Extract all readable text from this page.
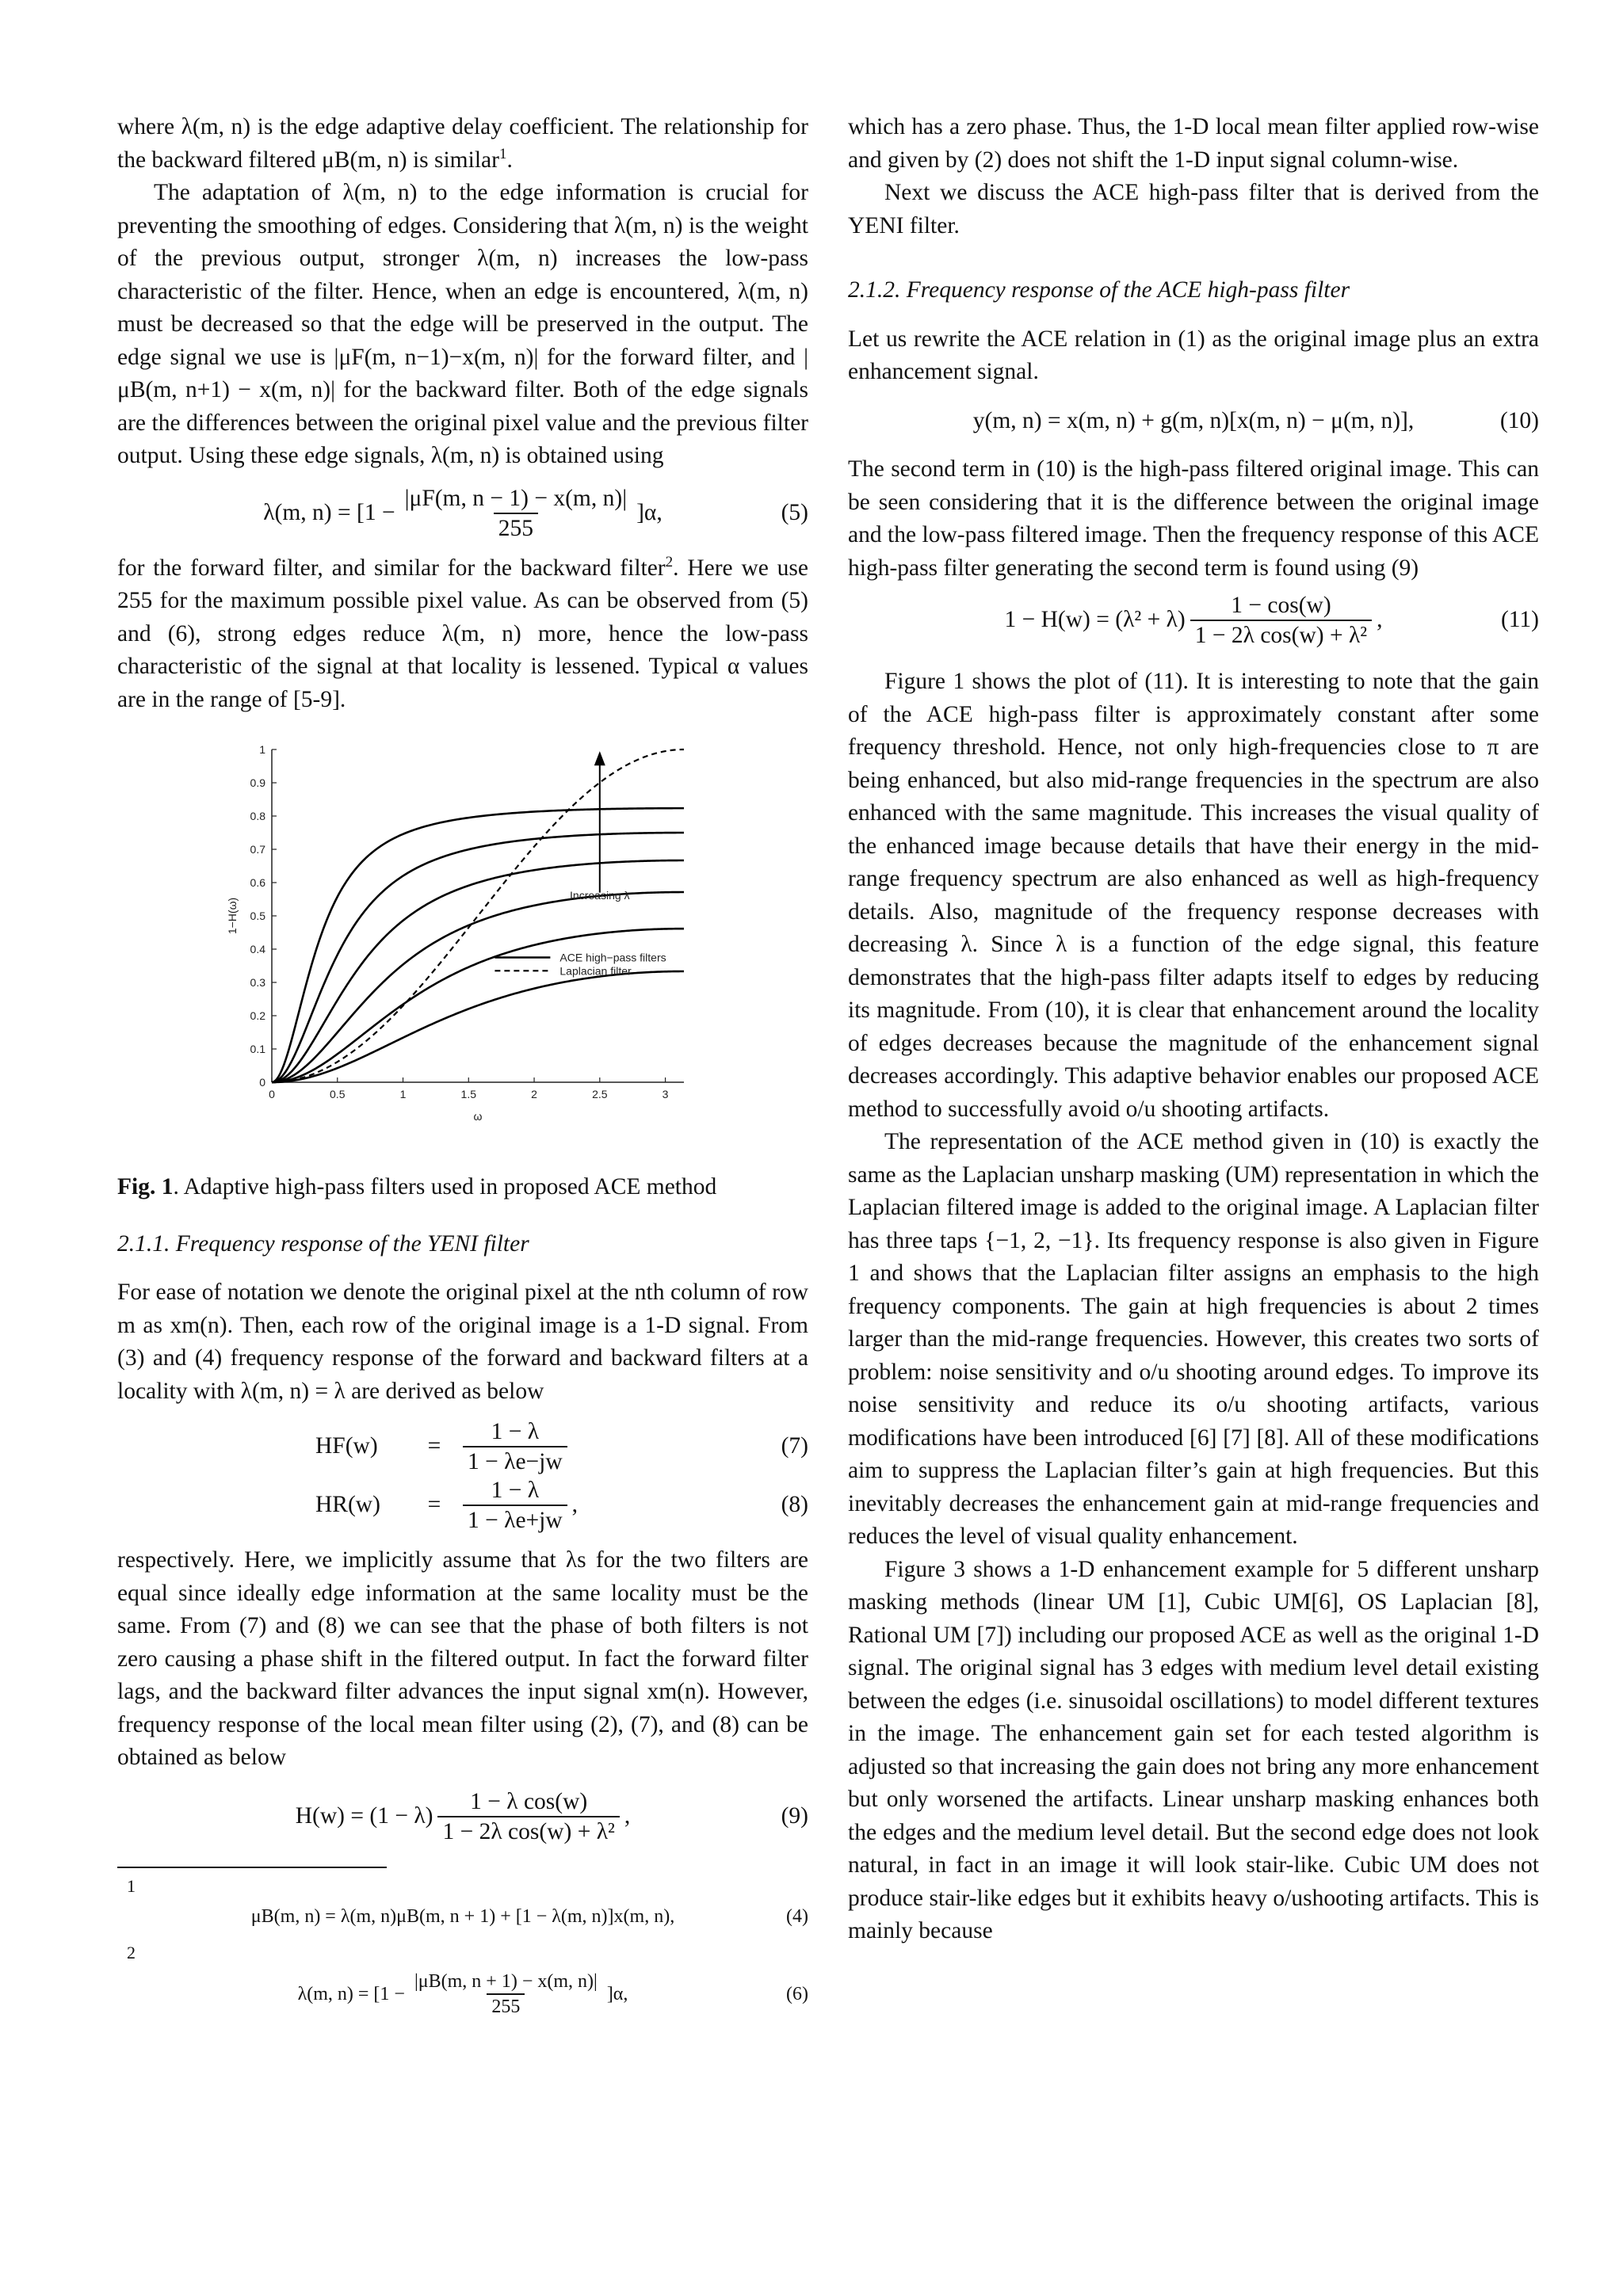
where λ(m, n) is the edge adaptive delay coefficient. The relationship for the backward filtered μB(m, n) is similar$^1$.

The adaptation of λ(m, n) to the edge information is crucial for preventing the smoothing of edges. Considering that λ(m, n) is the weight of the previous output, stronger λ(m, n) increases the low-pass characteristic of the filter. Hence, when an edge is encountered, λ(m, n) must be decreased so that the edge will be preserved in the output. The edge signal we use is |μF(m, n−1)−x(m, n)| for the forward filter, and |μB(m, n+1) − x(m, n)| for the backward filter. Both of the edge signals are the differences between the original pixel value and the previous filter output. Using these edge signals, λ(m, n) is obtained using

λ(m, $n) = [1 - \frac{|\mu F(m, n - 1) - x(m, n)|}{255} ]\alpha$,	(5)

for the forward filter, and similar for the backward filter$^2$. Here we use 255 for the maximum possible pixel value. As can be observed from (5) and (6), strong edges reduce λ(m, n) more, hence the low-pass characteristic of the signal at that locality is lessened. Typical α values are in the range of [5-9].

0	0.5	1	1.5	2	2.5	3
0
0.1
0.2
0.3
0.4
0.5
0.6
0.7
0.8
0.9
1
ω
1−H(ω)
Increasing λ
ACE high−pass filters
Laplacian filter

Fig. 1. Adaptive high-pass filters used in proposed ACE method

2.1.1. Frequency response of the YENI filter

For ease of notation we denote the original pixel at the nth column of row m as xm(n). Then, each row of the original image is a 1-D signal. From (3) and (4) frequency response of the forward and backward filters at a locality with λ(m, n) = λ are derived as below

HF(w)	= $\frac{1 - \lambda}{1 - \lambda e-jw}$	(7)
HR(w)	= $\frac{1 - \lambda}{1 - \lambda e+jw}$ ,	(8)

respectively. Here, we implicitly assume that λs for the two filters are equal since ideally edge information at the same locality must be the same. From (7) and (8) we can see that the phase of both filters is not zero causing a phase shift in the filtered output. In fact the forward filter lags, and the backward filter advances the input signal xm(n). However, frequency response of the local mean filter using (2), (7), and (8) can be obtained as below

$H(w) = (1 - \lambda) \frac{\text{1 − λ cos(w)}}{\text{1 − 2λ cos(w) + λ²}}$ ,	(9)
1
μB(m, n) = λ(m, n)μB(m, n + 1) + [1 − λ(m, n)]x(m, n),	(4)
2
λ(m, $n) = [1 - \frac{|\mu B(m, n + 1) - x(m, n)|}{255} ]\alpha$,	(6)

which has a zero phase. Thus, the 1-D local mean filter applied row-wise and given by (2) does not shift the 1-D input signal column-wise.

Next we discuss the ACE high-pass filter that is derived from the YENI filter.

2.1.2. Frequency response of the ACE high-pass filter

Let us rewrite the ACE relation in (1) as the original image plus an extra enhancement signal.

y(m, n) = x(m, n) + g(m, n)[x(m, n) − μ(m, n)],	(10)

The second term in (10) is the high-pass filtered original image. This can be seen considering that it is the difference between the original image and the low-pass filtered image. Then the frequency response of this ACE high-pass filter generating the second term is found using (9)

$1 - H(w) = (\lambda^2 + \lambda) \frac{1 - \cos(w)}{\text{1 − 2λ cos(w) + λ²}}$ ,	(11)

Figure 1 shows the plot of (11). It is interesting to note that the gain of the ACE high-pass filter is approximately constant after some frequency threshold. Hence, not only high-frequencies close to π are being enhanced, but also mid-range frequencies in the spectrum are also enhanced with the same magnitude. This increases the visual quality of the enhanced image because details that have their energy in the mid-range frequency spectrum are also enhanced as well as high-frequency details. Also, magnitude of the frequency response decreases with decreasing λ. Since λ is a function of the edge signal, this feature demonstrates that the high-pass filter adapts itself to edges by reducing its magnitude. From (10), it is clear that enhancement around the locality of edges decreases because the magnitude of the enhancement signal decreases accordingly. This adaptive behavior enables our proposed ACE method to successfully avoid o/u shooting artifacts.

The representation of the ACE method given in (10) is exactly the same as the Laplacian unsharp masking (UM) representation in which the Laplacian filtered image is added to the original image. A Laplacian filter has three taps {−1, 2, −1}. Its frequency response is also given in Figure 1 and shows that the Laplacian filter assigns an emphasis to the high frequency components. The gain at high frequencies is about 2 times larger than the mid-range frequencies. However, this creates two sorts of problem: noise sensitivity and o/u shooting around edges. To improve its noise sensitivity and reduce its o/u shooting artifacts, various modifications have been introduced [6] [7] [8]. All of these modifications aim to suppress the Laplacian filter’s gain at high frequencies. But this inevitably decreases the enhancement gain at mid-range frequencies and reduces the level of visual quality enhancement.

Figure 3 shows a 1-D enhancement example for 5 different unsharp masking methods (linear UM [1], Cubic UM[6], OS Laplacian [8], Rational UM [7]) including our proposed ACE as well as the original 1-D signal. The original signal has 3 edges with medium level detail existing between the edges (i.e. sinusoidal oscillations) to model different textures in the image. The enhancement gain set for each tested algorithm is adjusted so that increasing the gain does not bring any more enhancement but only worsened the artifacts. Linear unsharp masking enhances both the edges and the medium level detail. But the second edge does not look natural, in fact in an image it will look stair-like. Cubic UM does not produce stair-like edges but it exhibits heavy o/ushooting artifacts. This is mainly because
